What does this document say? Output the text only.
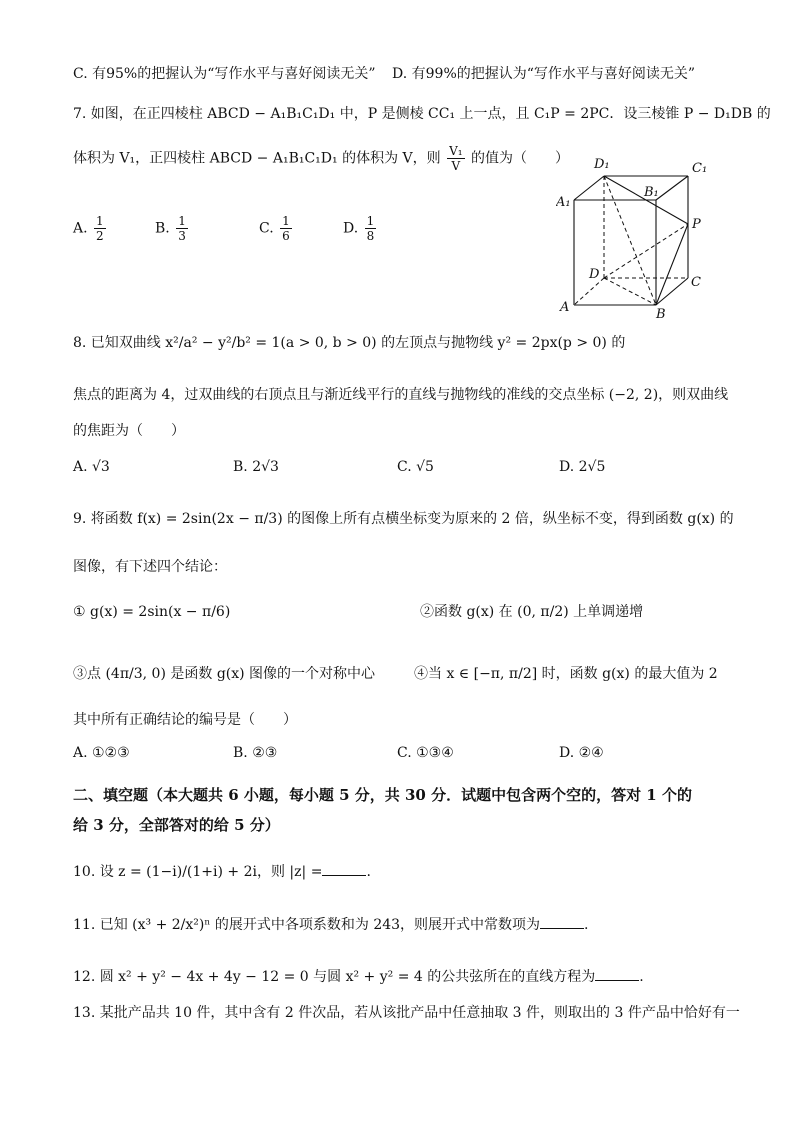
C. 有95%的把握认为“写作水平与喜好阅读无关” D. 有99%的把握认为“写作水平与喜好阅读无关”
7. 如图，在正四棱柱 ABCD − A₁B₁C₁D₁ 中，P 是侧棱 CC₁ 上一点，且 C₁P = 2PC．设三棱锥 P − D₁DB 的
体积为 V₁，正四棱柱 ABCD − A₁B₁C₁D₁ 的体积为 V，则 $\frac{\text{V₁}}{V}$ 的值为（　　）
A. $\frac{1}{2}$	B. $\frac{1}{3}$	C. $\frac{1}{6}$	D. $\frac{1}{8}$
D₁	C₁
A₁
B₁
P
D
C
A	B
8. 已知双曲线 x²/a² − y²/b² = 1(a > 0, b > 0) 的左顶点与抛物线 y² = 2px(p > 0) 的
焦点的距离为 4，过双曲线的右顶点且与渐近线平行的直线与抛物线的准线的交点坐标 (−2, 2)，则双曲线
的焦距为（　　）
A. √3	B. 2√3	C. √5	D. 2√5
9. 将函数 f(x) = 2sin(2x − π/3) 的图像上所有点横坐标变为原来的 2 倍，纵坐标不变，得到函数 g(x) 的
图像，有下述四个结论：
① g(x) = 2sin(x − π/6)	②函数 g(x) 在 (0, π/2) 上单调递增
③点 (4π/3, 0) 是函数 g(x) 图像的一个对称中心	④当 x ∈ [−π, π/2] 时，函数 g(x) 的最大值为 2
其中所有正确结论的编号是（　　）
A. ①②③	B. ②③	C. ①③④	D. ②④
二、填空题（本大题共 6 小题，每小题 5 分，共 30 分．试题中包含两个空的，答对 1 个的
给 3 分，全部答对的给 5 分）
10. 设 z = (1−i)/(1+i) + 2i，则 |z| =	.
11. 已知 (x³ + 2/x²)ⁿ 的展开式中各项系数和为 243，则展开式中常数项为	.
12. 圆 x² + y² − 4x + 4y − 12 = 0 与圆 x² + y² = 4 的公共弦所在的直线方程为	.
13. 某批产品共 10 件，其中含有 2 件次品，若从该批产品中任意抽取 3 件，则取出的 3 件产品中恰好有一
